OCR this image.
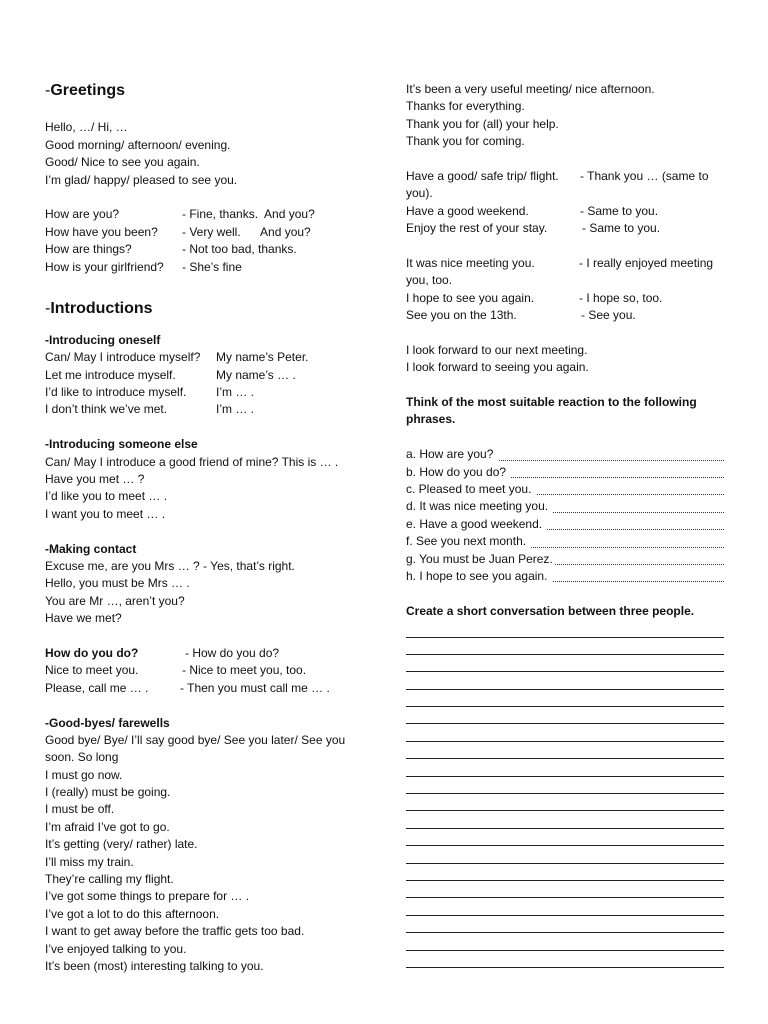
-Greetings
Hello, …/ Hi, …
Good morning/ afternoon/ evening.
Good/ Nice to see you again.
I’m glad/ happy/ pleased to see you.
How are you?	- Fine, thanks.  And you?
How have you been? - Very well.      And you?
How are things?	- Not too bad, thanks.
How is your girlfriend? - She’s fine
-Introductions
-Introducing oneself
Can/ May I introduce myself? My name’s Peter.
Let me introduce myself.	My name’s … .
I’d like to introduce myself. I’m … .
I don’t think we’ve met.	I’m … .
-Introducing someone else
Can/ May I introduce a good friend of mine? This is … .
Have you met … ?
I’d like you to meet … .
I want you to meet … .
-Making contact
Excuse me, are you Mrs … ? - Yes, that’s right.
Hello, you must be Mrs … .
You are Mr …, aren’t you?
Have we met?
How do you do?	- How do you do?
Nice to meet you.	- Nice to meet you, too.
Please, call me … .	- Then you must call me … .
-Good-byes/ farewells
Good bye/ Bye/ I’ll say good bye/ See you later/ See you
soon. So long
I must go now.
I (really) must be going.
I must be off.
I’m afraid I’ve got to go.
It’s getting (very/ rather) late.
I’ll miss my train.
They’re calling my flight.
I’ve got some things to prepare for … .
I’ve got a lot to do this afternoon.
I want to get away before the traffic gets too bad.
I’ve enjoyed talking to you.
It’s been (most) interesting talking to you.
It’s been a very useful meeting/ nice afternoon.
Thanks for everything.
Thank you for (all) your help.
Thank you for coming.
Have a good/ safe trip/ flight. - Thank you … (same to
you).
Have a good weekend.	- Same to you.
Enjoy the rest of your stay.	- Same to you.
It was nice meeting you.	- I really enjoyed meeting
you, too.
I hope to see you again.	- I hope so, too.
See you on the 13th.	- See you.
I look forward to our next meeting.
I look forward to seeing you again.
Think of the most suitable reaction to the following phrases.
a. How are you?
b. How do you do?
c. Pleased to meet you.
d. It was nice meeting you.
e. Have a good weekend.
f. See you next month.
g. You must be Juan Perez.
h. I hope to see you again.
Create a short conversation between three people.
